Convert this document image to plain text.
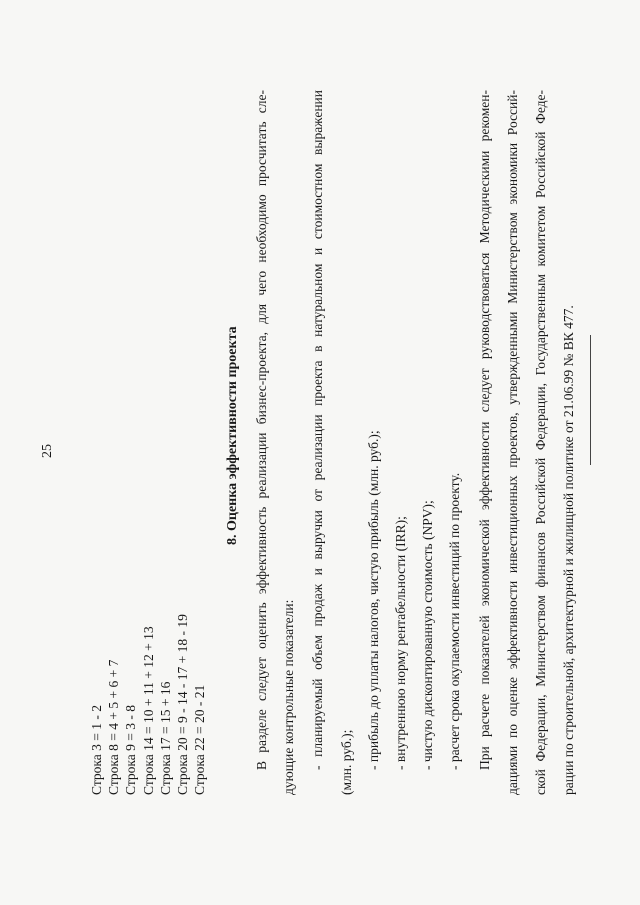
25
Строка 3 = 1 - 2 Строка 8 = 4 + 5 + 6 + 7 Строка 9 = 3 - 8 Строка 14 = 10 + 11 + 12 + 13 Строка 17 = 15 + 16 Строка 20 = 9 - 14 - 17 + 18 - 19 Строка 22 = 20 - 21
8. Оценка эффективности проекта В разделе следует оценить эффективность реализации бизнес-проекта, для чего необходимо просчитать сле- дующие контрольные показатели: - планируемый объем продаж и выручки от реализации проекта в натуральном и стоимостном выражении (млн. руб.); - прибыль до уплаты налогов, чистую прибыль (млн. руб.); - внутреннюю норму рентабельности (IRR); - чистую дисконтированную стоимость (NPV); - расчет срока окупаемости инвестиций по проекту. При расчете показателей экономической эффективности следует руководствоваться Методическими рекомен- дациями по оценке эффективности инвестиционных проектов, утвержденными Министерством экономики Россий- ской Федерации, Министерством финансов Российской Федерации, Государственным комитетом Российской Феде- рации по строительной, архитектурной и жилищной политике от 21.06.99 № ВК 477.
